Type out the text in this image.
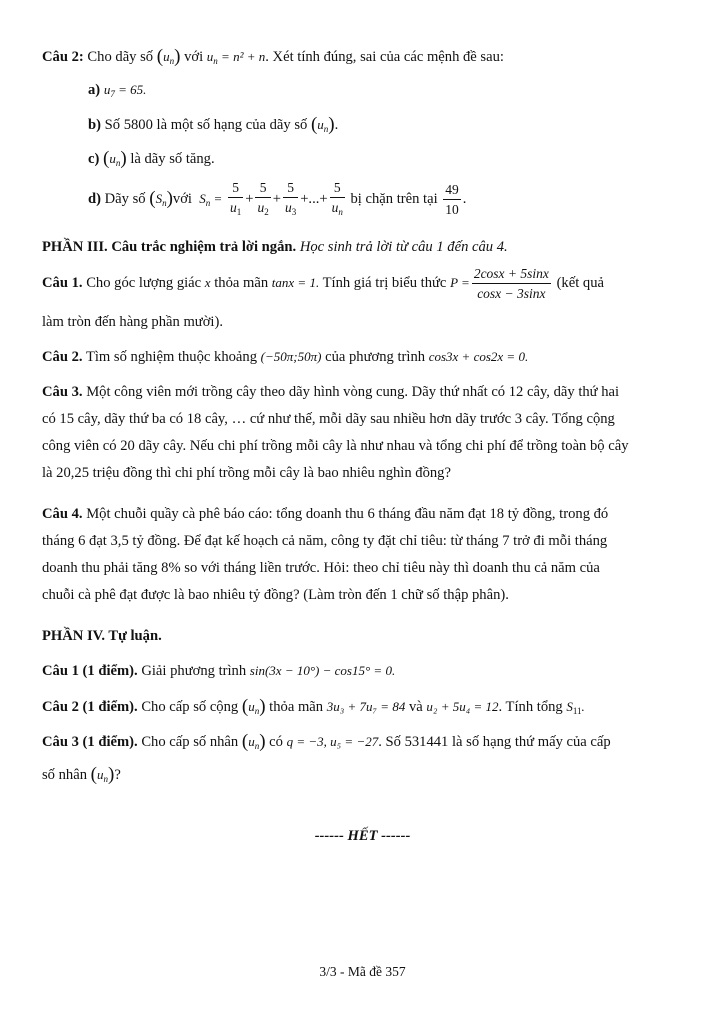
Câu 2: Cho dãy số $(u_n)$ với $u_n = n^2 + n$. Xét tính đúng, sai của các mệnh đề sau:
a) $u_7 = 65$.
b) Số 5800 là một số hạng của dãy số $(u_n)$.
c) $(u_n)$ là dãy số tăng.
d) Dãy số $(S_n)với$ $S_n = \frac{5}{u_1} + \frac{5}{u_2} + \frac{5}{u_3}$ +...+ $\frac{5}{u_n}$ bị chặn trên tại $\frac{49}{10}$ .
PHẦN III. Câu trắc nghiệm trả lời ngắn. Học sinh trả lời từ câu 1 đến câu 4.
Câu 1. Cho góc lượng giác x thỏa mãn tanx = 1. Tính giá trị biểu thức $P = \frac{2\cos x + 5\sin x}{\cos x - 3\sin x}$ (kết quả
làm tròn đến hàng phần mười).
Câu 2. Tìm số nghiệm thuộc khoảng (−50π;50π) của phương trình cos3x + cos2x = 0.
Câu 3. Một công viên mới trồng cây theo dãy hình vòng cung. Dãy thứ nhất có 12 cây, dãy thứ hai
có 15 cây, dãy thứ ba có 18 cây, … cứ như thế, mỗi dãy sau nhiều hơn dãy trước 3 cây. Tổng cộng
công viên có 20 dãy cây. Nếu chi phí trồng mỗi cây là như nhau và tổng chi phí để trồng toàn bộ cây
là 20,25 triệu đồng thì chi phí trồng mỗi cây là bao nhiêu nghìn đồng?
Câu 4. Một chuỗi quầy cà phê báo cáo: tổng doanh thu 6 tháng đầu năm đạt 18 tỷ đồng, trong đó
tháng 6 đạt 3,5 tỷ đồng. Để đạt kế hoạch cả năm, công ty đặt chỉ tiêu: từ tháng 7 trở đi mỗi tháng
doanh thu phải tăng 8% so với tháng liền trước. Hỏi: theo chỉ tiêu này thì doanh thu cả năm của
chuỗi cà phê đạt được là bao nhiêu tỷ đồng? (Làm tròn đến 1 chữ số thập phân).
PHẦN IV. Tự luận.
Câu 1 (1 điểm). Giải phương trình sin(3x − 10°) − cos15° = 0.
Câu 2 (1 điểm). Cho cấp số cộng $(u_n)$ thỏa mãn 3u₃ + 7u₇ = 84 và u₂ + 5u₄ = 12. Tính tổng $S_{11}$.
Câu 3 (1 điểm). Cho cấp số nhân $(u_n)$ có q = −3, u₅ = −27. Số 531441 là số hạng thứ mấy của cấp
số nhân $(u_n)$?
------ HẾT ------
3/3 - Mã đề 357
